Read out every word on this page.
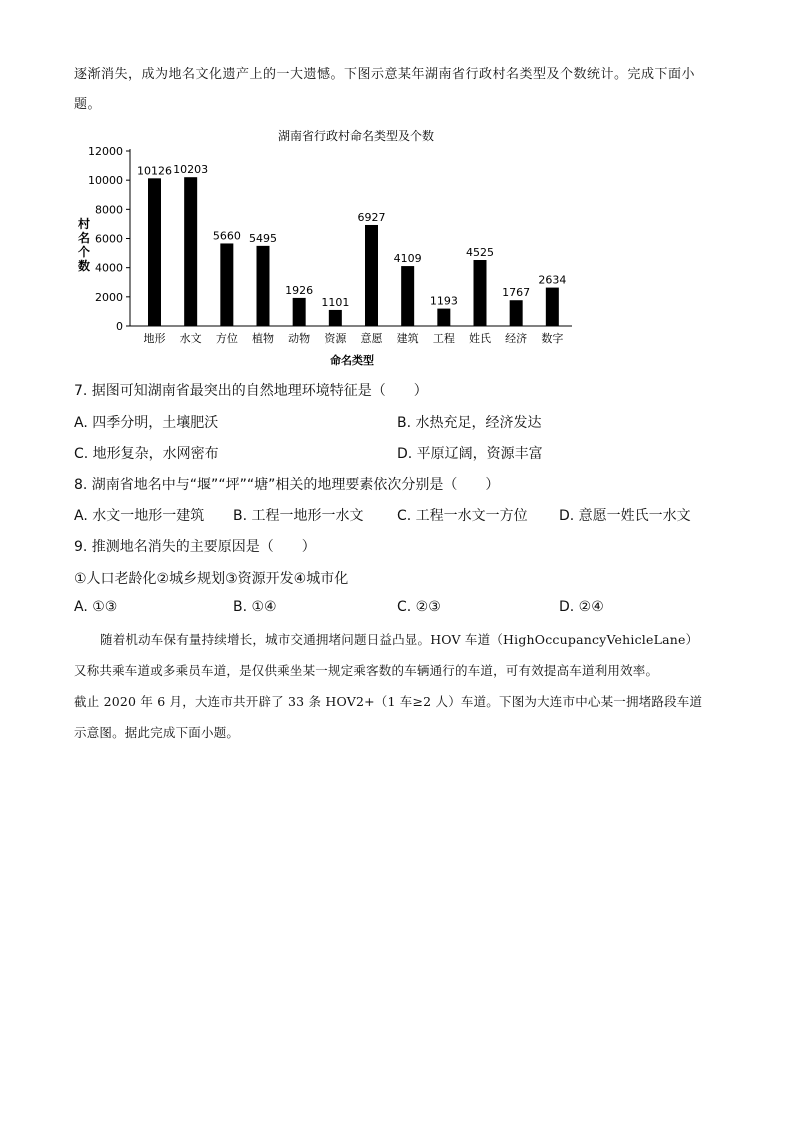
逐渐消失，成为地名文化遗产上的一大遗憾。下图示意某年湖南省行政村名类型及个数统计。完成下面小
题。
湖南省行政村命名类型及个数
村名个数
命名类型
0
2000
4000
6000
8000
10000
12000
10126
地形
10203
水文
5660
方位
5495
植物
1926
动物
1101
资源
6927
意愿
4109
建筑
1193
工程
4525
姓氏
1767
经济
2634
数字
7. 据图可知湖南省最突出的自然地理环境特征是（　　）
A. 四季分明，土壤肥沃	B. 水热充足，经济发达
C. 地形复杂，水网密布	D. 平原辽阔，资源丰富
8. 湖南省地名中与“堰”“坪”“塘”相关的地理要素依次分别是（　　）
A. 水文一地形一建筑 B. 工程一地形一水文 C. 工程一水文一方位 D. 意愿一姓氏一水文
9. 推测地名消失的主要原因是（　　）
①人口老龄化②城乡规划③资源开发④城市化
A. ①③	B. ①④	C. ②③	D. ②④

随着机动车保有量持续增长，城市交通拥堵问题日益凸显。HOV 车道（HighOccupancyVehicleLane）

又称共乘车道或多乘员车道，是仅供乘坐某一规定乘客数的车辆通行的车道，可有效提高车道利用效率。

截止 2020 年 6 月，大连市共开辟了 33 条 HOV2+（1 车≥2 人）车道。下图为大连市中心某一拥堵路段车道

示意图。据此完成下面小题。
